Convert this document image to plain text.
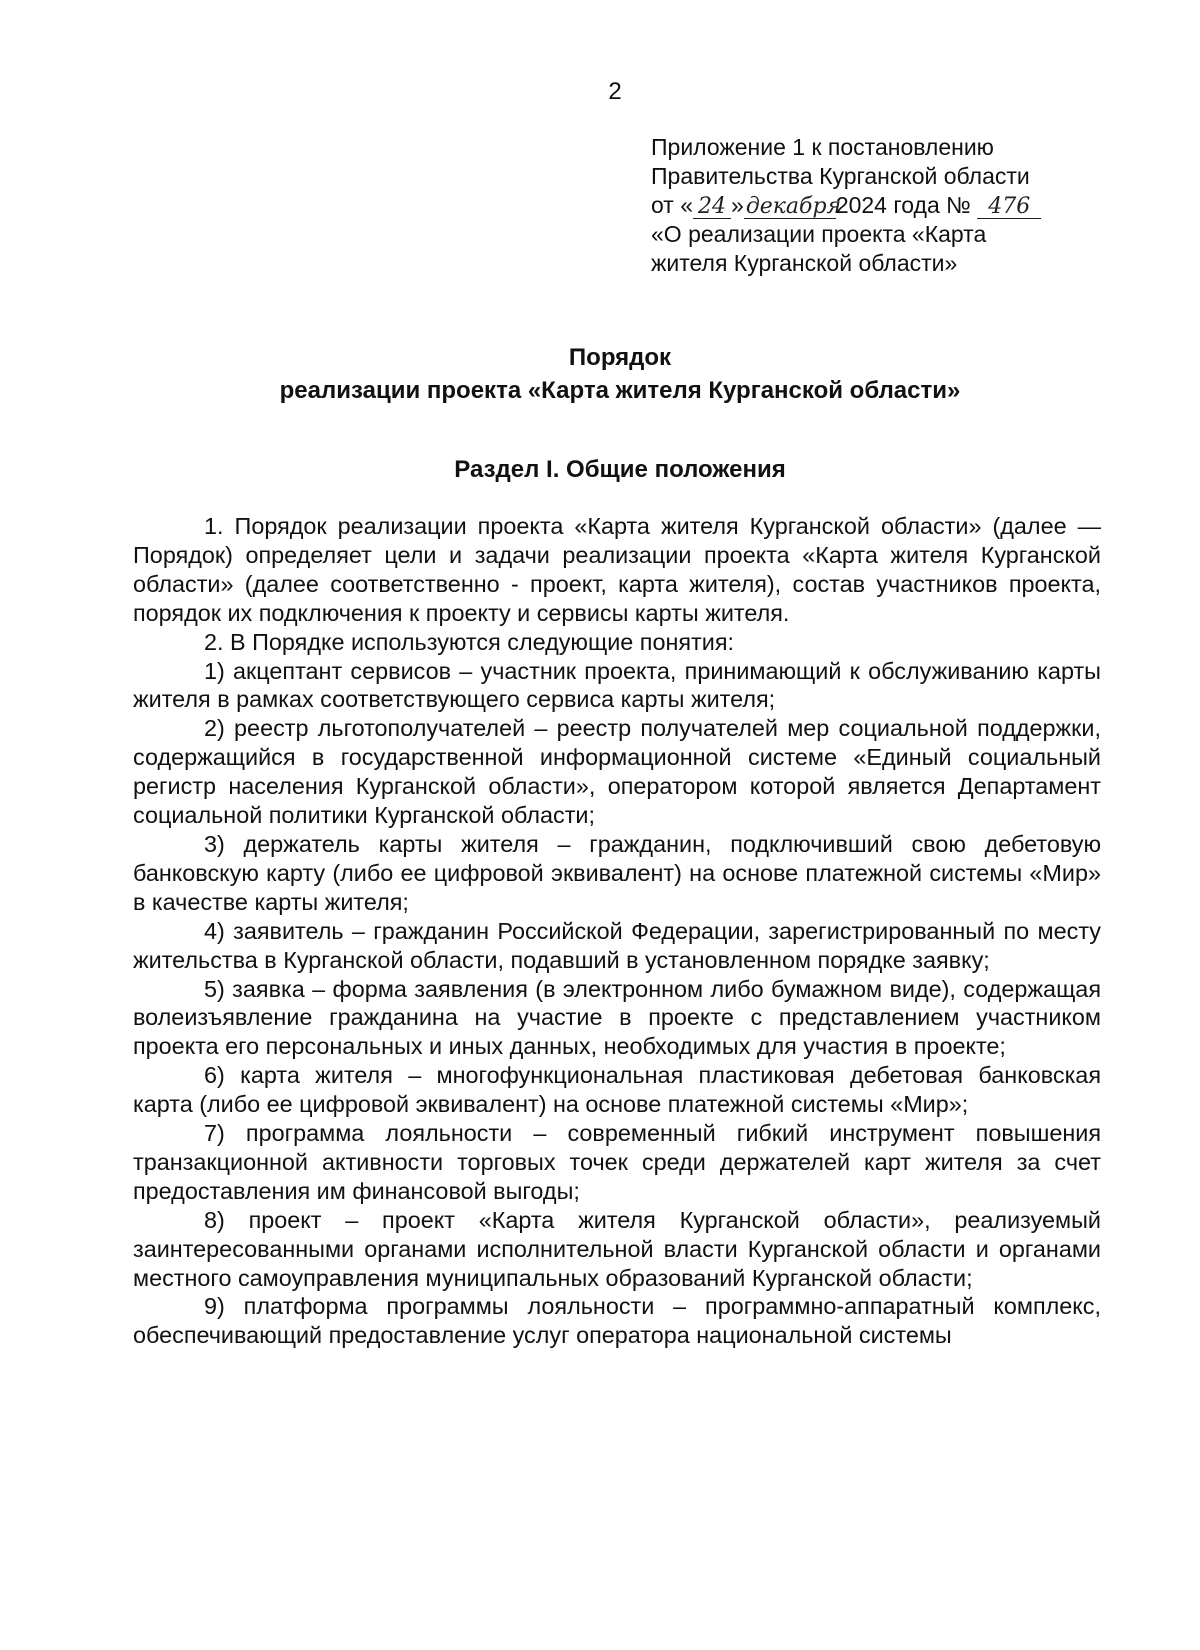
2
Приложение 1 к постановлению
Правительства Курганской области
от « 24 »декабря2024 года № 476
«О реализации проекта «Карта
жителя Курганской области»
Порядок
реализации проекта «Карта жителя Курганской области»
Раздел I. Общие положения

1. Порядок реализации проекта «Карта жителя Курганской области» (далее — Порядок) определяет цели и задачи реализации проекта «Карта жителя Курганской области» (далее соответственно - проект, карта жителя), состав участников проекта, порядок их подключения к проекту и сервисы карты жителя.

2. В Порядке используются следующие понятия:

1) акцептант сервисов – участник проекта, принимающий к обслуживанию карты жителя в рамках соответствующего сервиса карты жителя;

2) реестр льготополучателей – реестр получателей мер социальной поддержки, содержащийся в государственной информационной системе «Единый социальный регистр населения Курганской области», оператором которой является Департамент социальной политики Курганской области;

3) держатель карты жителя – гражданин, подключивший свою дебетовую банковскую карту (либо ее цифровой эквивалент) на основе платежной системы «Мир» в качестве карты жителя;

4) заявитель – гражданин Российской Федерации, зарегистрированный по месту жительства в Курганской области, подавший в установленном порядке заявку;

5) заявка – форма заявления (в электронном либо бумажном виде), содержащая волеизъявление гражданина на участие в проекте с представлением участником проекта его персональных и иных данных, необходимых для участия в проекте;

6) карта жителя – многофункциональная пластиковая дебетовая банковская карта (либо ее цифровой эквивалент) на основе платежной системы «Мир»;

7) программа лояльности – современный гибкий инструмент повышения транзакционной активности торговых точек среди держателей карт жителя за счет предоставления им финансовой выгоды;

8) проект – проект «Карта жителя Курганской области», реализуемый заинтересованными органами исполнительной власти Курганской области и органами местного самоуправления муниципальных образований Курганской области;

9) платформа программы лояльности – программно-аппаратный комплекс, обеспечивающий предоставление услуг оператора национальной системы
